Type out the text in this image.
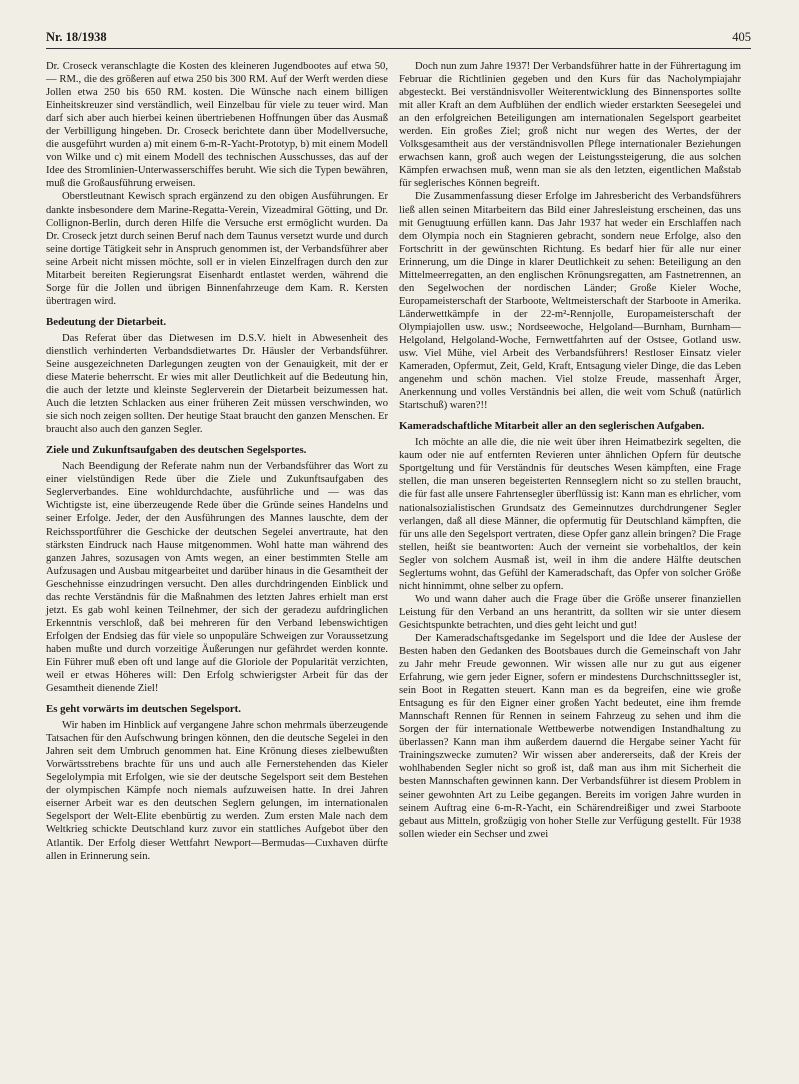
Nr. 18/1938	405

Dr. Croseck veranschlagte die Kosten des kleineren Jugendbootes auf etwa 50,— RM., die des größeren auf etwa 250 bis 300 RM. Auf der Werft werden diese Jollen etwa 250 bis 650 RM. kosten. Die Wünsche nach einem billigen Einheitskreuzer sind verständlich, weil Einzelbau für viele zu teuer wird. Man darf sich aber auch hierbei keinen übertriebenen Hoffnungen über das Ausmaß der Verbilligung hingeben. Dr. Croseck berichtete dann über Modellversuche, die ausgeführt wurden a) mit einem 6-m-R-Yacht-Prototyp, b) mit einem Modell von Wilke und c) mit einem Modell des technischen Ausschusses, das auf der Idee des Stromlinien-Unterwasserschiffes beruht. Wie sich die Typen bewähren, muß die Großausführung erweisen.

Oberstleutnant Kewisch sprach ergänzend zu den obigen Ausführungen. Er dankte insbesondere dem Marine-Regatta-Verein, Vizeadmiral Götting, und Dr. Collignon-Berlin, durch deren Hilfe die Versuche erst ermöglicht wurden. Da Dr. Croseck jetzt durch seinen Beruf nach dem Taunus versetzt wurde und durch seine dortige Tätigkeit sehr in Anspruch genommen ist, der Verbandsführer aber seine Arbeit nicht missen möchte, soll er in vielen Einzelfragen durch den zur Mitarbeit bereiten Regierungsrat Eisenhardt entlastet werden, während die Sorge für die Jollen und übrigen Binnenfahrzeuge dem Kam. R. Kersten übertragen wird.

Bedeutung der Dietarbeit.

Das Referat über das Dietwesen im D.S.V. hielt in Abwesenheit des dienstlich verhinderten Verbandsdietwartes Dr. Häusler der Verbandsführer. Seine ausgezeichneten Darlegungen zeugten von der Genauigkeit, mit der er diese Materie beherrscht. Er wies mit aller Deutlichkeit auf die Bedeutung hin, die auch der letzte und kleinste Seglerverein der Dietarbeit beizumessen hat. Auch die letzten Schlacken aus einer früheren Zeit müssen verschwinden, wo sie sich noch zeigen sollten. Der heutige Staat braucht den ganzen Menschen. Er braucht also auch den ganzen Segler.

Ziele und Zukunftsaufgaben des deutschen Segelsportes.

Nach Beendigung der Referate nahm nun der Verbandsführer das Wort zu einer vielstündigen Rede über die Ziele und Zukunftsaufgaben des Seglerverbandes. Eine wohldurchdachte, ausführliche und — was das Wichtigste ist, eine überzeugende Rede über die Gründe seines Handelns und seiner Erfolge. Jeder, der den Ausführungen des Mannes lauschte, dem der Reichssportführer die Geschicke der deutschen Segelei anvertraute, hat den stärksten Eindruck nach Hause mitgenommen. Wohl hatte man während des ganzen Jahres, sozusagen von Amts wegen, an einer bestimmten Stelle am Aufzusagen und Ausbau mitgearbeitet und darüber hinaus in die Gesamtheit der Geschehnisse einzudringen versucht. Den alles durchdringenden Einblick und das rechte Verständnis für die Maßnahmen des letzten Jahres erhielt man erst jetzt. Es gab wohl keinen Teilnehmer, der sich der geradezu aufdringlichen Erkenntnis verschloß, daß bei mehreren für den Verband lebenswichtigen Erfolgen der Endsieg das für viele so unpopuläre Schweigen zur Voraussetzung haben mußte und durch vorzeitige Äußerungen nur gefährdet werden konnte. Ein Führer muß eben oft und lange auf die Gloriole der Popularität verzichten, weil er etwas Höheres will: Den Erfolg schwierigster Arbeit für das der Gesamtheit dienende Ziel!

Es geht vorwärts im deutschen Segelsport.

Wir haben im Hinblick auf vergangene Jahre schon mehrmals überzeugende Tatsachen für den Aufschwung bringen können, den die deutsche Segelei in den Jahren seit dem Umbruch genommen hat. Eine Krönung dieses zielbewußten Vorwärtsstrebens brachte für uns und auch alle Fernerstehenden das Kieler Segelolympia mit Erfolgen, wie sie der deutsche Segelsport seit dem Bestehen der olympischen Kämpfe noch niemals aufzuweisen hatte. In drei Jahren eiserner Arbeit war es den deutschen Seglern gelungen, im internationalen Segelsport der Welt-Elite ebenbürtig zu werden. Zum ersten Male nach dem Weltkrieg schickte Deutschland kurz zuvor ein stattliches Aufgebot über den Atlantik. Der Erfolg dieser Wettfahrt Newport—Bermudas—Cuxhaven dürfte allen in Erinnerung sein.

Doch nun zum Jahre 1937! Der Verbandsführer hatte in der Führertagung im Februar die Richtlinien gegeben und den Kurs für das Nacholympiajahr abgesteckt. Bei verständnisvoller Weiterentwicklung des Binnensportes sollte mit aller Kraft an dem Aufblühen der endlich wieder erstarkten Seesegelei und an den erfolgreichen Beteiligungen am internationalen Segelsport gearbeitet werden. Ein großes Ziel; groß nicht nur wegen des Wertes, der der Volksgesamtheit aus der verständnisvollen Pflege internationaler Beziehungen erwachsen kann, groß auch wegen der Leistungssteigerung, die aus solchen Kämpfen erwachsen muß, wenn man sie als den letzten, eigentlichen Maßstab für seglerisches Können begreift.

Die Zusammenfassung dieser Erfolge im Jahresbericht des Verbandsführers ließ allen seinen Mitarbeitern das Bild einer Jahresleistung erscheinen, das uns mit Genugtuung erfüllen kann. Das Jahr 1937 hat weder ein Erschlaffen nach dem Olympia noch ein Stagnieren gebracht, sondern neue Erfolge, also den Fortschritt in der gewünschten Richtung. Es bedarf hier für alle nur einer Erinnerung, um die Dinge in klarer Deutlichkeit zu sehen: Beteiligung an den Mittelmeerregatten, an den englischen Krönungsregatten, am Fastnetrennen, an den Segelwochen der nordischen Länder; Große Kieler Woche, Europameisterschaft der Starboote, Weltmeisterschaft der Starboote in Amerika. Länderwettkämpfe in der 22-m²-Rennjolle, Europameisterschaft der Olympiajollen usw. usw.; Nordseewoche, Helgoland—Burnham, Burnham—Helgoland, Helgoland-Woche, Fernwettfahrten auf der Ostsee, Gotland usw. usw. Viel Mühe, viel Arbeit des Verbandsführers! Restloser Einsatz vieler Kameraden, Opfermut, Zeit, Geld, Kraft, Entsagung vieler Dinge, die das Leben angenehm und schön machen. Viel stolze Freude, massenhaft Ärger, Anerkennung und volles Verständnis bei allen, die weit vom Schuß (natürlich Startschuß) waren?!!

Kameradschaftliche Mitarbeit aller an den seglerischen Aufgaben.

Ich möchte an alle die, die nie weit über ihren Heimatbezirk segelten, die kaum oder nie auf entfernten Revieren unter ähnlichen Opfern für deutsche Sportgeltung und für Verständnis für deutsches Wesen kämpften, eine Frage stellen, die man unseren begeisterten Rennseglern nicht so zu stellen braucht, die für fast alle unsere Fahrtensegler überflüssig ist: Kann man es ehrlicher, vom nationalsozialistischen Grundsatz des Gemeinnutzes durchdrungener Segler verlangen, daß all diese Männer, die opfermutig für Deutschland kämpften, die für uns alle den Segelsport vertraten, diese Opfer ganz allein bringen? Die Frage stellen, heißt sie beantworten: Auch der verneint sie vorbehaltlos, der kein Segler von solchem Ausmaß ist, weil in ihm die andere Hälfte deutschen Seglertums wohnt, das Gefühl der Kameradschaft, das Opfer von solcher Größe nicht hinnimmt, ohne selber zu opfern.

Wo und wann daher auch die Frage über die Größe unserer finanziellen Leistung für den Verband an uns herantritt, da sollten wir sie unter diesem Gesichtspunkte betrachten, und dies geht leicht und gut!

Der Kameradschaftsgedanke im Segelsport und die Idee der Auslese der Besten haben den Gedanken des Bootsbaues durch die Gemeinschaft von Jahr zu Jahr mehr Freude gewonnen. Wir wissen alle nur zu gut aus eigener Erfahrung, wie gern jeder Eigner, sofern er mindestens Durchschnittssegler ist, sein Boot in Regatten steuert. Kann man es da begreifen, eine wie große Entsagung es für den Eigner einer großen Yacht bedeutet, eine ihm fremde Mannschaft Rennen für Rennen in seinem Fahrzeug zu sehen und ihm die Sorgen der für internationale Wettbewerbe notwendigen Instandhaltung zu überlassen? Kann man ihm außerdem dauernd die Hergabe seiner Yacht für Trainingszwecke zumuten? Wir wissen aber andererseits, daß der Kreis der wohlhabenden Segler nicht so groß ist, daß man aus ihm mit Sicherheit die besten Mannschaften gewinnen kann. Der Verbandsführer ist diesem Problem in seiner gewohnten Art zu Leibe gegangen. Bereits im vorigen Jahre wurden in seinem Auftrag eine 6-m-R-Yacht, ein Schärendreißiger und zwei Starboote gebaut aus Mitteln, großzügig von hoher Stelle zur Verfügung gestellt. Für 1938 sollen wieder ein Sechser und zwei
